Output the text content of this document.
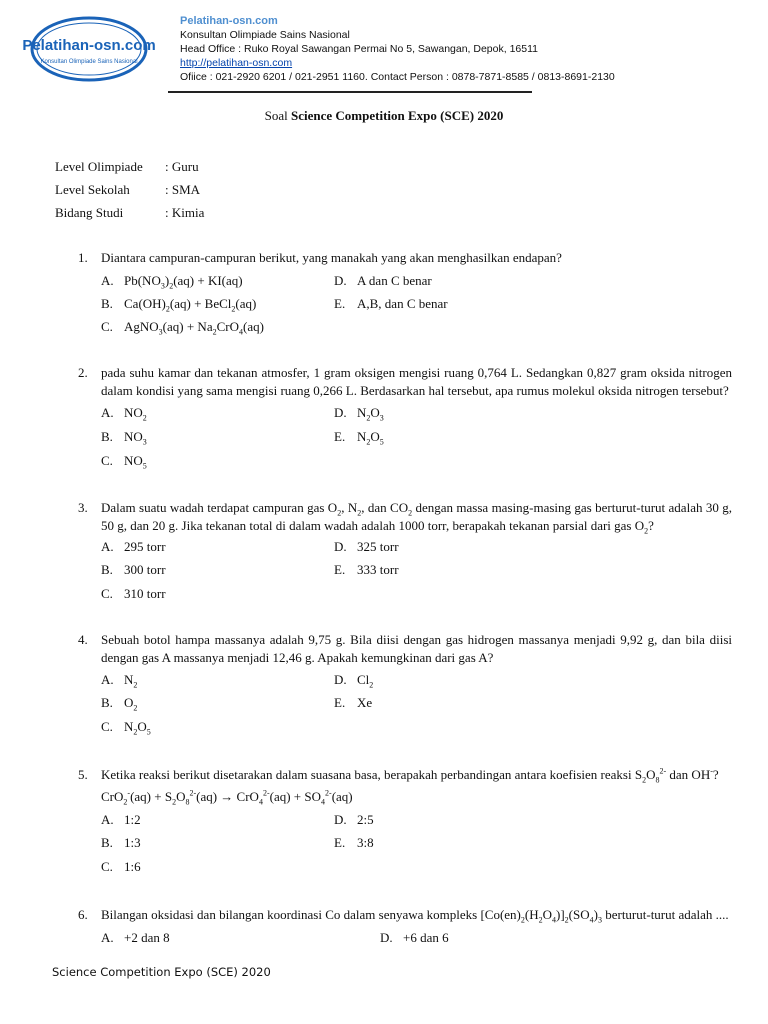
Pelatihan-osn.com
Konsultan Olimpiade Sains Nasional
Pelatihan-osn.com
Konsultan Olimpiade Sains Nasional
Head Office : Ruko Royal Sawangan Permai No 5, Sawangan, Depok, 16511
http://pelatihan-osn.com
Ofiice : 021-2920 6201 / 021-2951 1160. Contact Person : 0878-7871-8585 / 0813-8691-2130
Soal Science Competition Expo (SCE) 2020
Level Olimpiade : Guru
Level Sekolah	: SMA
Bidang Studi	: Kimia
1. Diantara campuran-campuran berikut, yang manakah yang akan menghasilkan endapan?
A. $Pb(NO_3)_2(aq) + KI(aq)$
B. $Ca(OH)_2(aq)$ + BeCl$_2$(aq)
C. AgNO$_3$(aq) + $Na_2CrO_4(aq)$
D. A dan C benar
E. A,B, dan C benar
2. pada suhu kamar dan tekanan atmosfer, 1 gram oksigen mengisi ruang 0,764 L. Sedangkan 0,827 gram oksida nitrogen dalam kondisi yang sama mengisi ruang 0,266 L. Berdasarkan hal tersebut, apa rumus molekul oksida nitrogen tersebut?
A. $NO_2$
B. $NO_3$
C. $NO_5$
D. $N_2O_3$
E. $N_2O_5$
3. Dalam suatu wadah terdapat campuran gas $O_2$, $N_2$, dan $CO_2$ dengan massa masing-masing gas berturut-turut adalah 30 g, 50 g, dan 20 g. Jika tekanan total di dalam wadah adalah 1000 torr, berapakah tekanan parsial dari gas $O_2$?
A. 295 torr
B. 300 torr
C. 310 torr
D. 325 torr
E. 333 torr
4. Sebuah botol hampa massanya adalah 9,75 g. Bila diisi dengan gas hidrogen massanya menjadi 9,92 g, dan bila diisi dengan gas A massanya menjadi 12,46 g. Apakah kemungkinan dari gas A?
A. $N_2$
B. $O_2$
C. $N_2O_5$
D. $Cl_2$
E. Xe
5. Ketika reaksi berikut disetarakan dalam suasana basa, berapakah perbandingan antara koefisien reaksi $S_2O_8^{2-}$ dan OH-?
$CrO_2^-(aq) + S_2O_8^{2-}(aq) \to CrO_4^{2-}(aq) + SO_4^{2-}(aq)$
A. 1:2
B. 1:3
C. 1:6
D. 2:5
E. 3:8
6. Bilangan oksidasi dan bilangan koordinasi Co dalam senyawa kompleks $[Co(en)_2(H_2O_4)]_2(SO_4)_3$ berturut-turut adalah ....
A. +2 dan 8	D. +6 dan 6
Science Competition Expo (SCE) 2020
